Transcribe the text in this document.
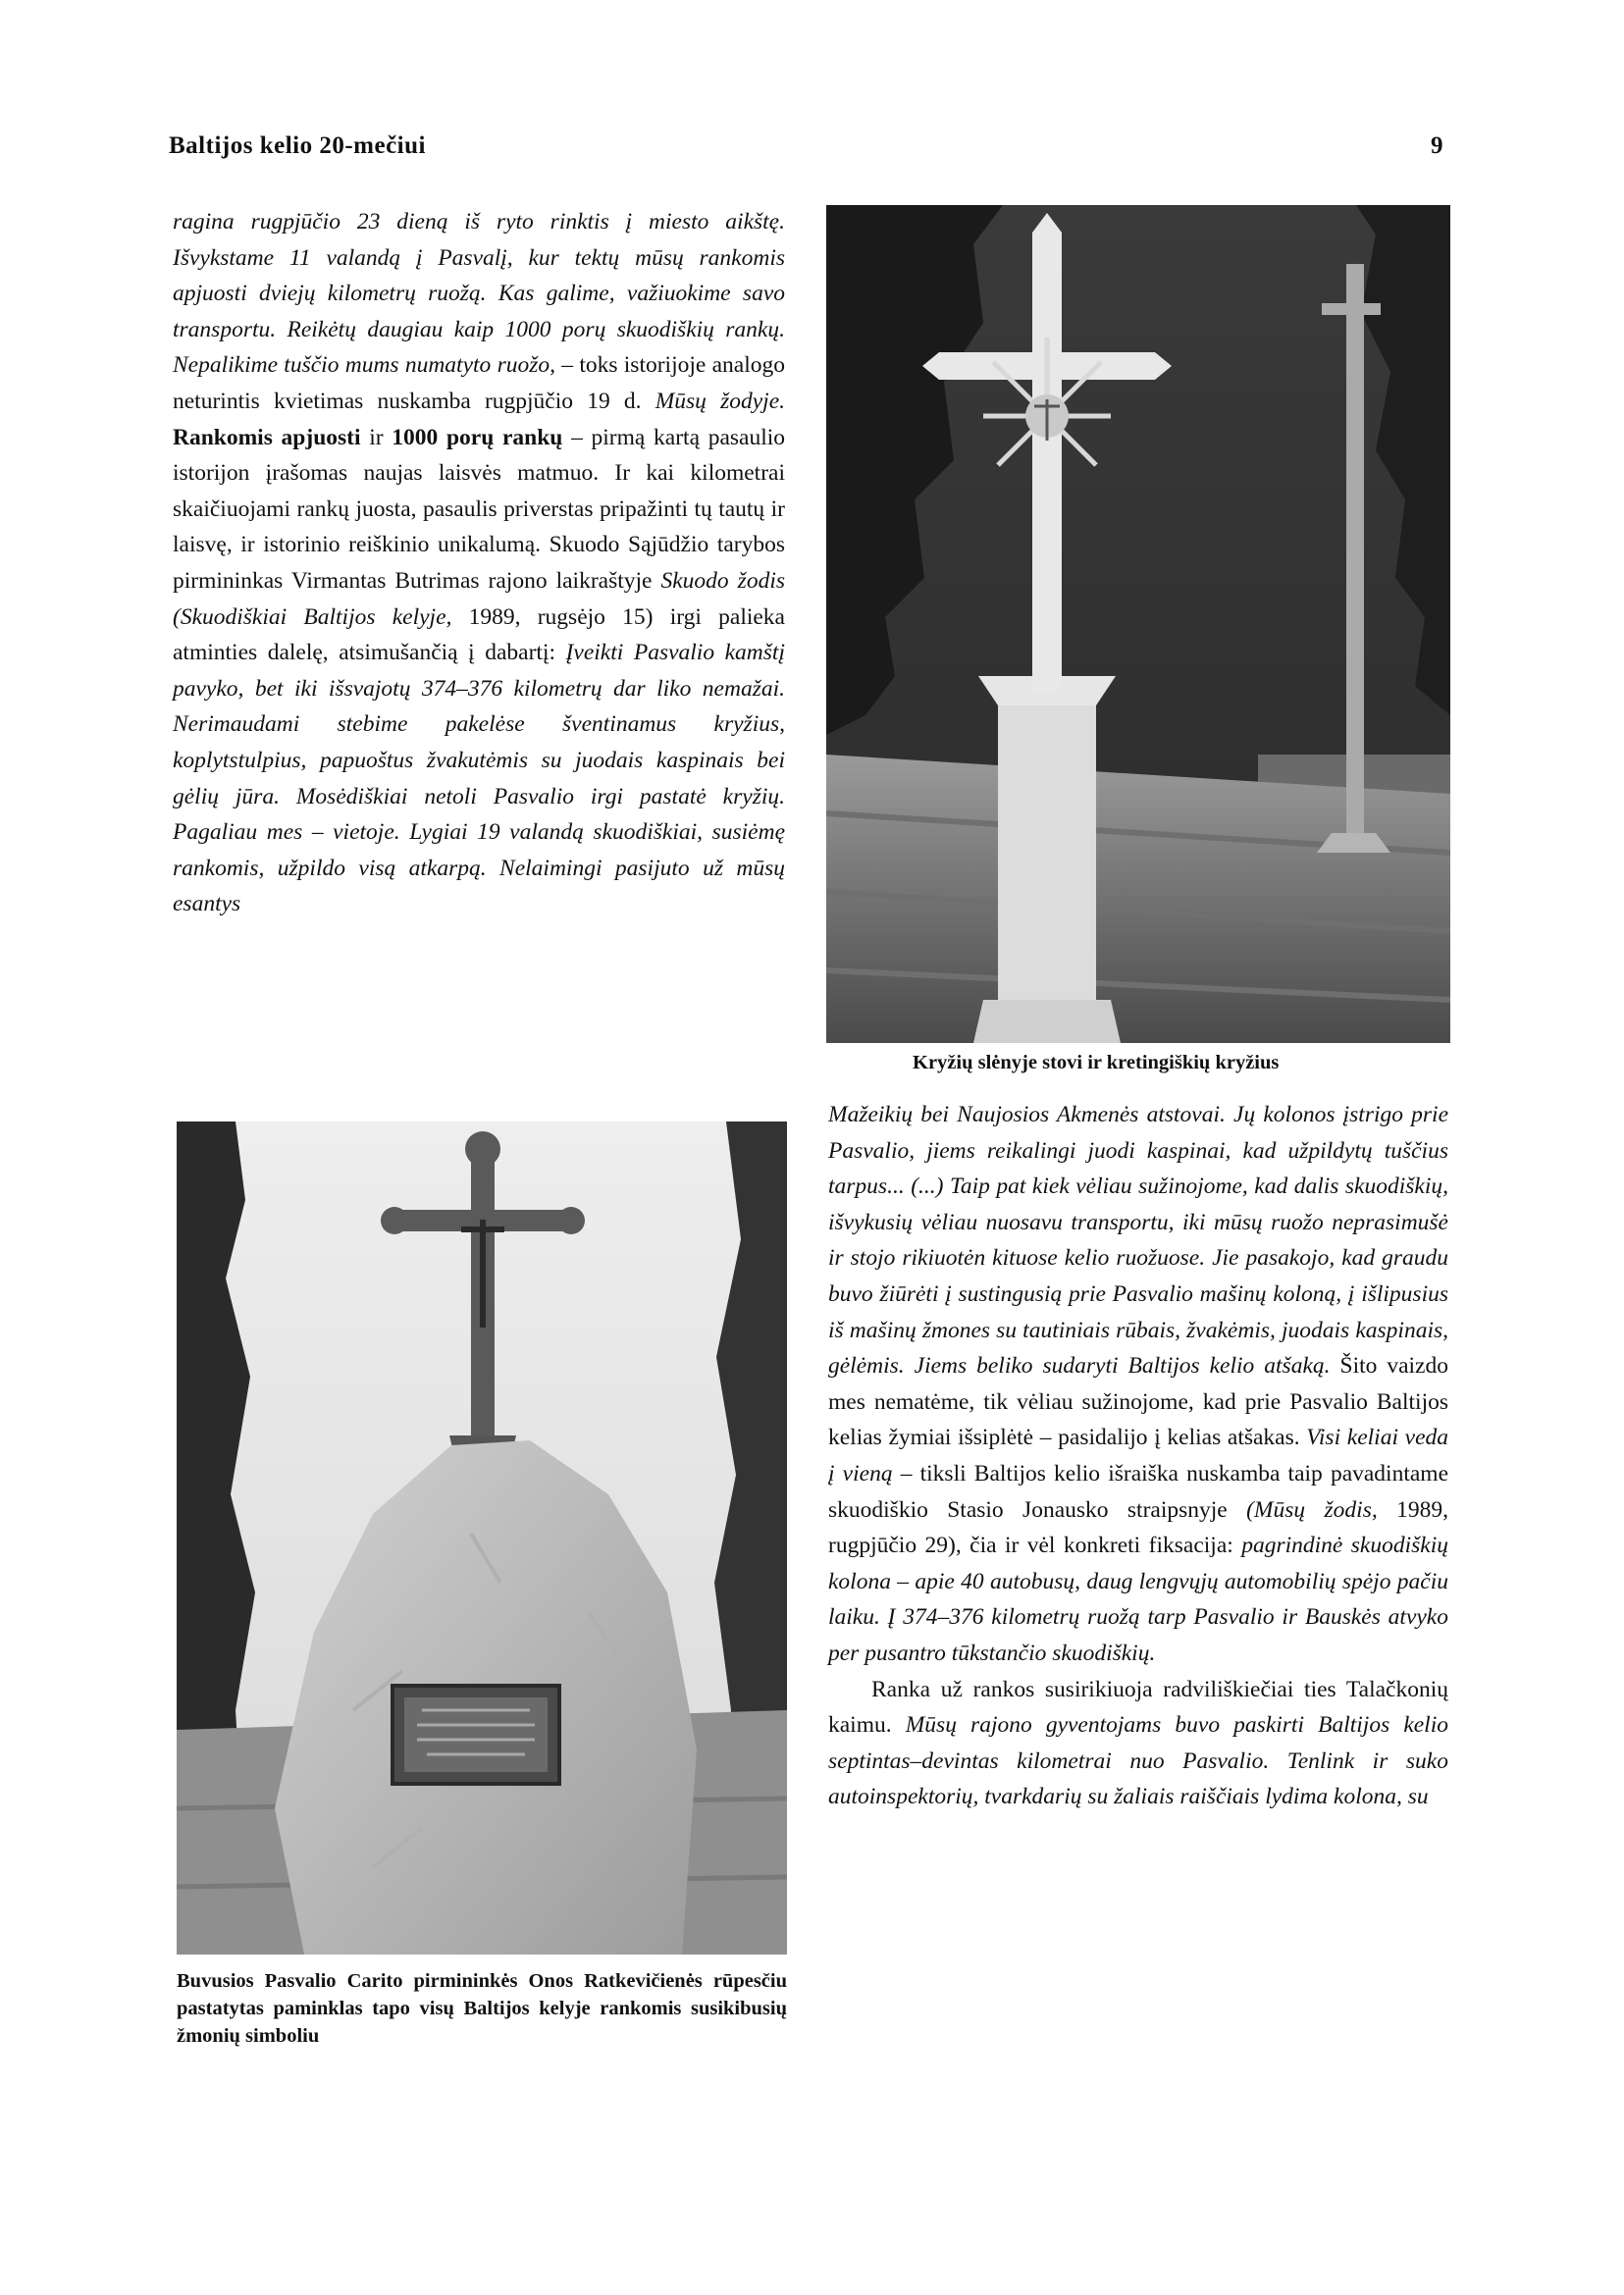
Baltijos kelio 20-mečiui	9

ragina rugpjūčio 23 dieną iš ryto rinktis į miesto aikštę. Išvykstame 11 valandą į Pasvalį, kur tektų mūsų rankomis apjuosti dviejų kilometrų ruožą. Kas galime, važiuokime savo transportu. Reikėtų daugiau kaip 1000 porų skuodiškių rankų. Nepalikime tuščio mums numatyto ruožo, – toks istorijoje analogo neturintis kvietimas nuskamba rugpjūčio 19 d. Mūsų žodyje. Rankomis apjuosti ir 1000 porų rankų – pirmą kartą pasaulio istorijon įrašomas naujas laisvės matmuo. Ir kai kilometrai skaičiuojami rankų juosta, pasaulis priverstas pripažinti tų tautų ir laisvę, ir istorinio reiškinio unikalumą. Skuodo Sąjūdžio tarybos pirmininkas Virmantas Butrimas rajono laikraštyje Skuodo žodis (Skuodiškiai Baltijos kelyje, 1989, rugsėjo 15) irgi palieka atminties dalelę, atsimušančią į dabartį: Įveikti Pasvalio kamštį pavyko, bet iki išsvajotų 374–376 kilometrų dar liko nemažai. Nerimaudami stebime pakelėse šventinamus kryžius, koplytstulpius, papuoštus žvakutėmis su juodais kaspinais bei gėlių jūra. Mosėdiškiai netoli Pasvalio irgi pastatė kryžių. Pagaliau mes – vietoje. Lygiai 19 valandą skuodiškiai, susiėmę rankomis, užpildo visą atkarpą. Nelaimingi pasijuto už mūsų esantys

Kryžių slėnyje stovi ir kretingiškių kryžius
Buvusios Pasvalio Carito pirmininkės Onos Ratkevičienės rūpesčiu pastatytas paminklas tapo visų Baltijos kelyje rankomis susikibusių žmonių simboliu

Mažeikių bei Naujosios Akmenės atstovai. Jų kolonos įstrigo prie Pasvalio, jiems reikalingi juodi kaspinai, kad užpildytų tuščius tarpus... (...) Taip pat kiek vėliau sužinojome, kad dalis skuodiškių, išvykusių vėliau nuosavu transportu, iki mūsų ruožo neprasimušė ir stojo rikiuotėn kituose kelio ruožuose. Jie pasakojo, kad graudu buvo žiūrėti į sustingusią prie Pasvalio mašinų koloną, į išlipusius iš mašinų žmones su tautiniais rūbais, žvakėmis, juodais kaspinais, gėlėmis. Jiems beliko sudaryti Baltijos kelio atšaką. Šito vaizdo mes nematėme, tik vėliau sužinojome, kad prie Pasvalio Baltijos kelias žymiai išsiplėtė – pasidalijo į kelias atšakas. Visi keliai veda į vieną – tiksli Baltijos kelio išraiška nuskamba taip pavadintame skuodiškio Stasio Jonausko straipsnyje (Mūsų žodis, 1989, rugpjūčio 29), čia ir vėl konkreti fiksacija: pagrindinė skuodiškių kolona – apie 40 autobusų, daug lengvųjų automobilių spėjo pačiu laiku. Į 374–376 kilometrų ruožą tarp Pasvalio ir Bauskės atvyko per pusantro tūkstančio skuodiškių.

Ranka už rankos susirikiuoja radviliškiečiai ties Talačkonių kaimu. Mūsų rajono gyventojams buvo paskirti Baltijos kelio septintas–devintas kilometrai nuo Pasvalio. Tenlink ir suko autoinspektorių, tvarkdarių su žaliais raiščiais lydima kolona, su
